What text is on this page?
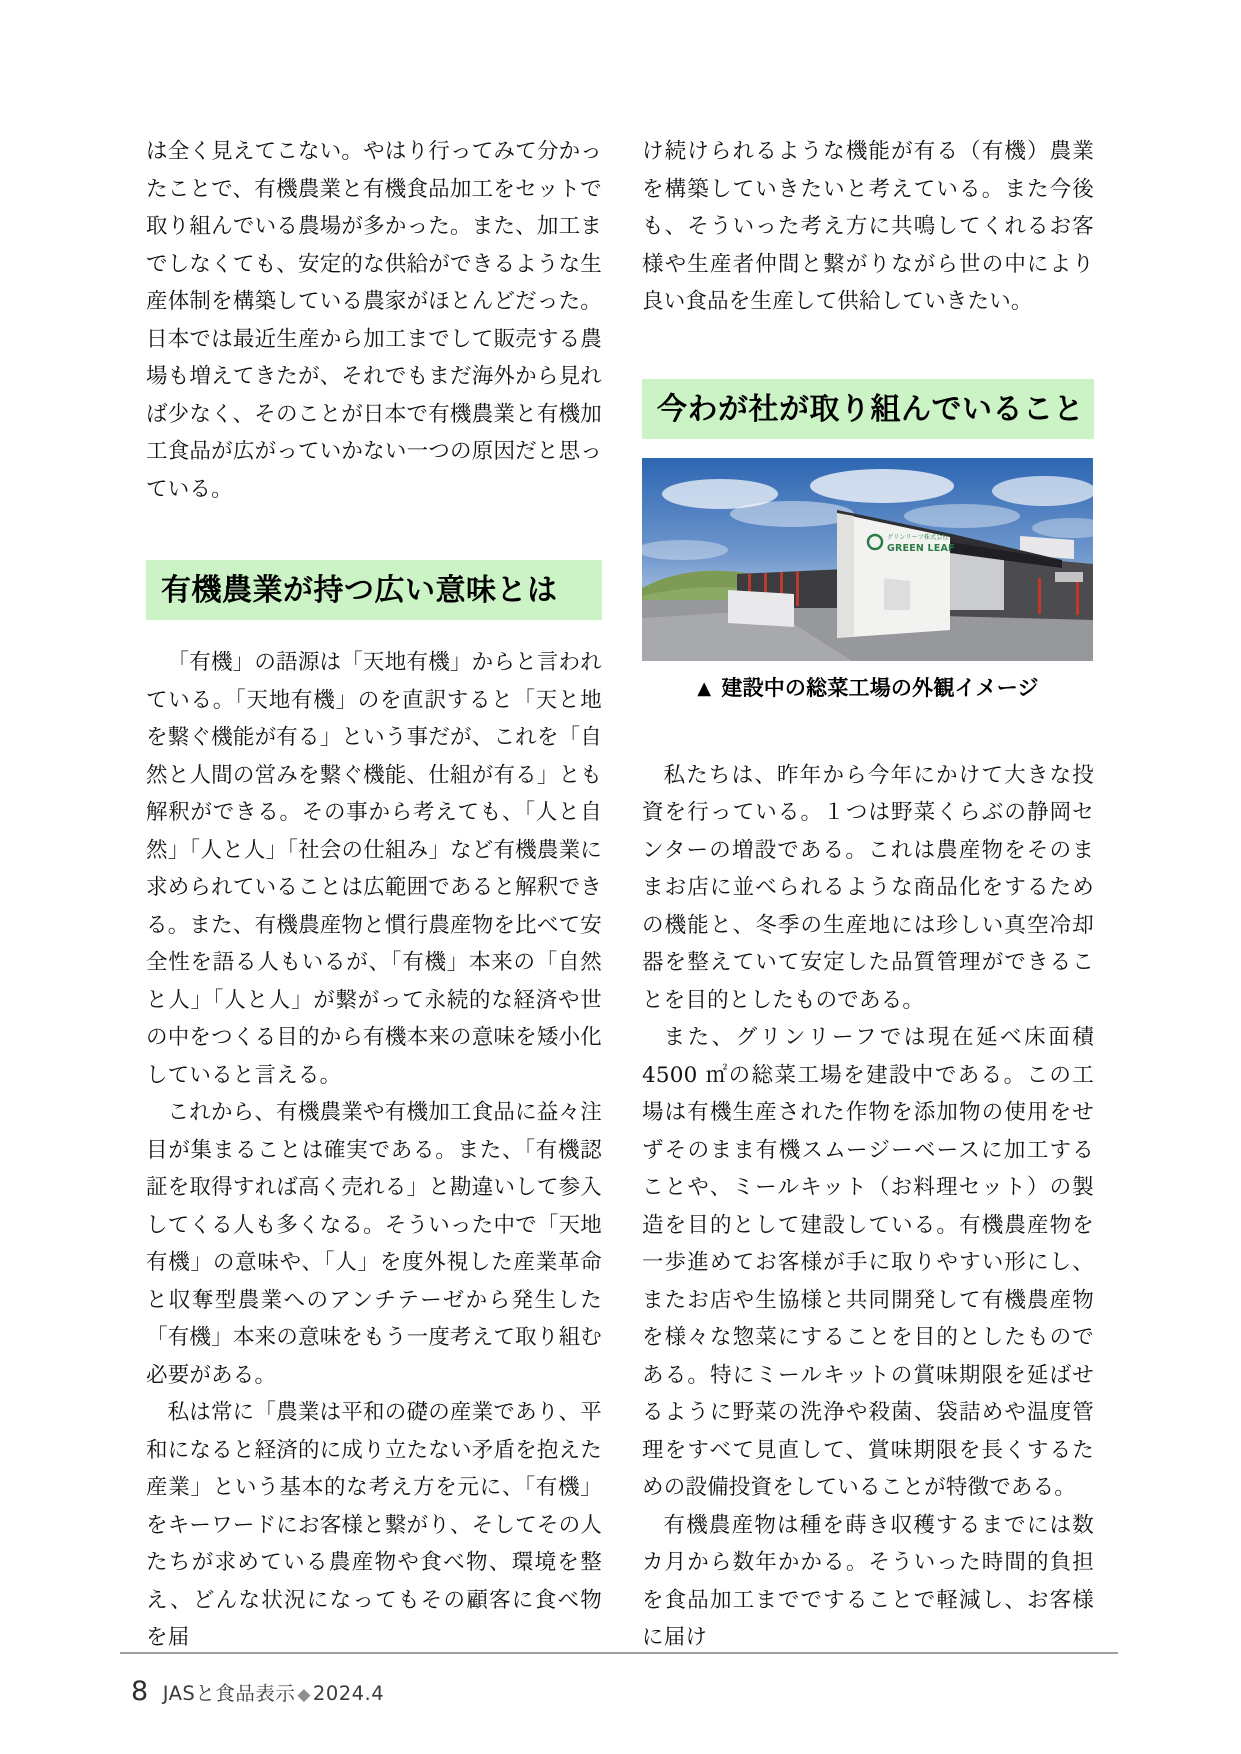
は全く見えてこない。やはり行ってみて分かったことで、有機農業と有機食品加工をセットで取り組んでいる農場が多かった。また、加工までしなくても、安定的な供給ができるような生産体制を構築している農家がほとんどだった。日本では最近生産から加工までして販売する農場も増えてきたが、それでもまだ海外から見れば少なく、そのことが日本で有機農業と有機加工食品が広がっていかない一つの原因だと思っている。

有機農業が持つ広い意味とは

「有機」の語源は「天地有機」からと言われている。「天地有機」のを直訳すると「天と地を繋ぐ機能が有る」という事だが、これを「自然と人間の営みを繋ぐ機能、仕組が有る」とも解釈ができる。その事から考えても、「人と自然」「人と人」「社会の仕組み」など有機農業に求められていることは広範囲であると解釈できる。また、有機農産物と慣行農産物を比べて安全性を語る人もいるが、「有機」本来の「自然と人」「人と人」が繋がって永続的な経済や世の中をつくる目的から有機本来の意味を矮小化していると言える。

これから、有機農業や有機加工食品に益々注目が集まることは確実である。また、「有機認証を取得すれば高く売れる」と勘違いして参入してくる人も多くなる。そういった中で「天地有機」の意味や、「人」を度外視した産業革命と収奪型農業へのアンチテーゼから発生した「有機」本来の意味をもう一度考えて取り組む必要がある。

私は常に「農業は平和の礎の産業であり、平和になると経済的に成り立たない矛盾を抱えた産業」という基本的な考え方を元に、「有機」をキーワードにお客様と繋がり、そしてその人たちが求めている農産物や食べ物、環境を整え、どんな状況になってもその顧客に食べ物を届

け続けられるような機能が有る（有機）農業を構築していきたいと考えている。また今後も、そういった考え方に共鳴してくれるお客様や生産者仲間と繋がりながら世の中により良い食品を生産して供給していきたい。

今わが社が取り組んでいること
グリンリーフ株式会社
GREEN LEAF
▲ 建設中の総菜工場の外観イメージ

私たちは、昨年から今年にかけて大きな投資を行っている。１つは野菜くらぶの静岡センターの増設である。これは農産物をそのままお店に並べられるような商品化をするための機能と、冬季の生産地には珍しい真空冷却器を整えていて安定した品質管理ができることを目的としたものである。

また、グリンリーフでは現在延べ床面積4500 ㎡の総菜工場を建設中である。この工場は有機生産された作物を添加物の使用をせずそのまま有機スムージーベースに加工することや、ミールキット（お料理セット）の製造を目的として建設している。有機農産物を一歩進めてお客様が手に取りやすい形にし、またお店や生協様と共同開発して有機農産物を様々な惣菜にすることを目的としたものである。特にミールキットの賞味期限を延ばせるように野菜の洗浄や殺菌、袋詰めや温度管理をすべて見直して、賞味期限を長くするための設備投資をしていることが特徴である。

有機農産物は種を蒔き収穫するまでには数カ月から数年かかる。そういった時間的負担を食品加工までですることで軽減し、お客様に届け

8 JASと食品表示 ◆ 2024.4
